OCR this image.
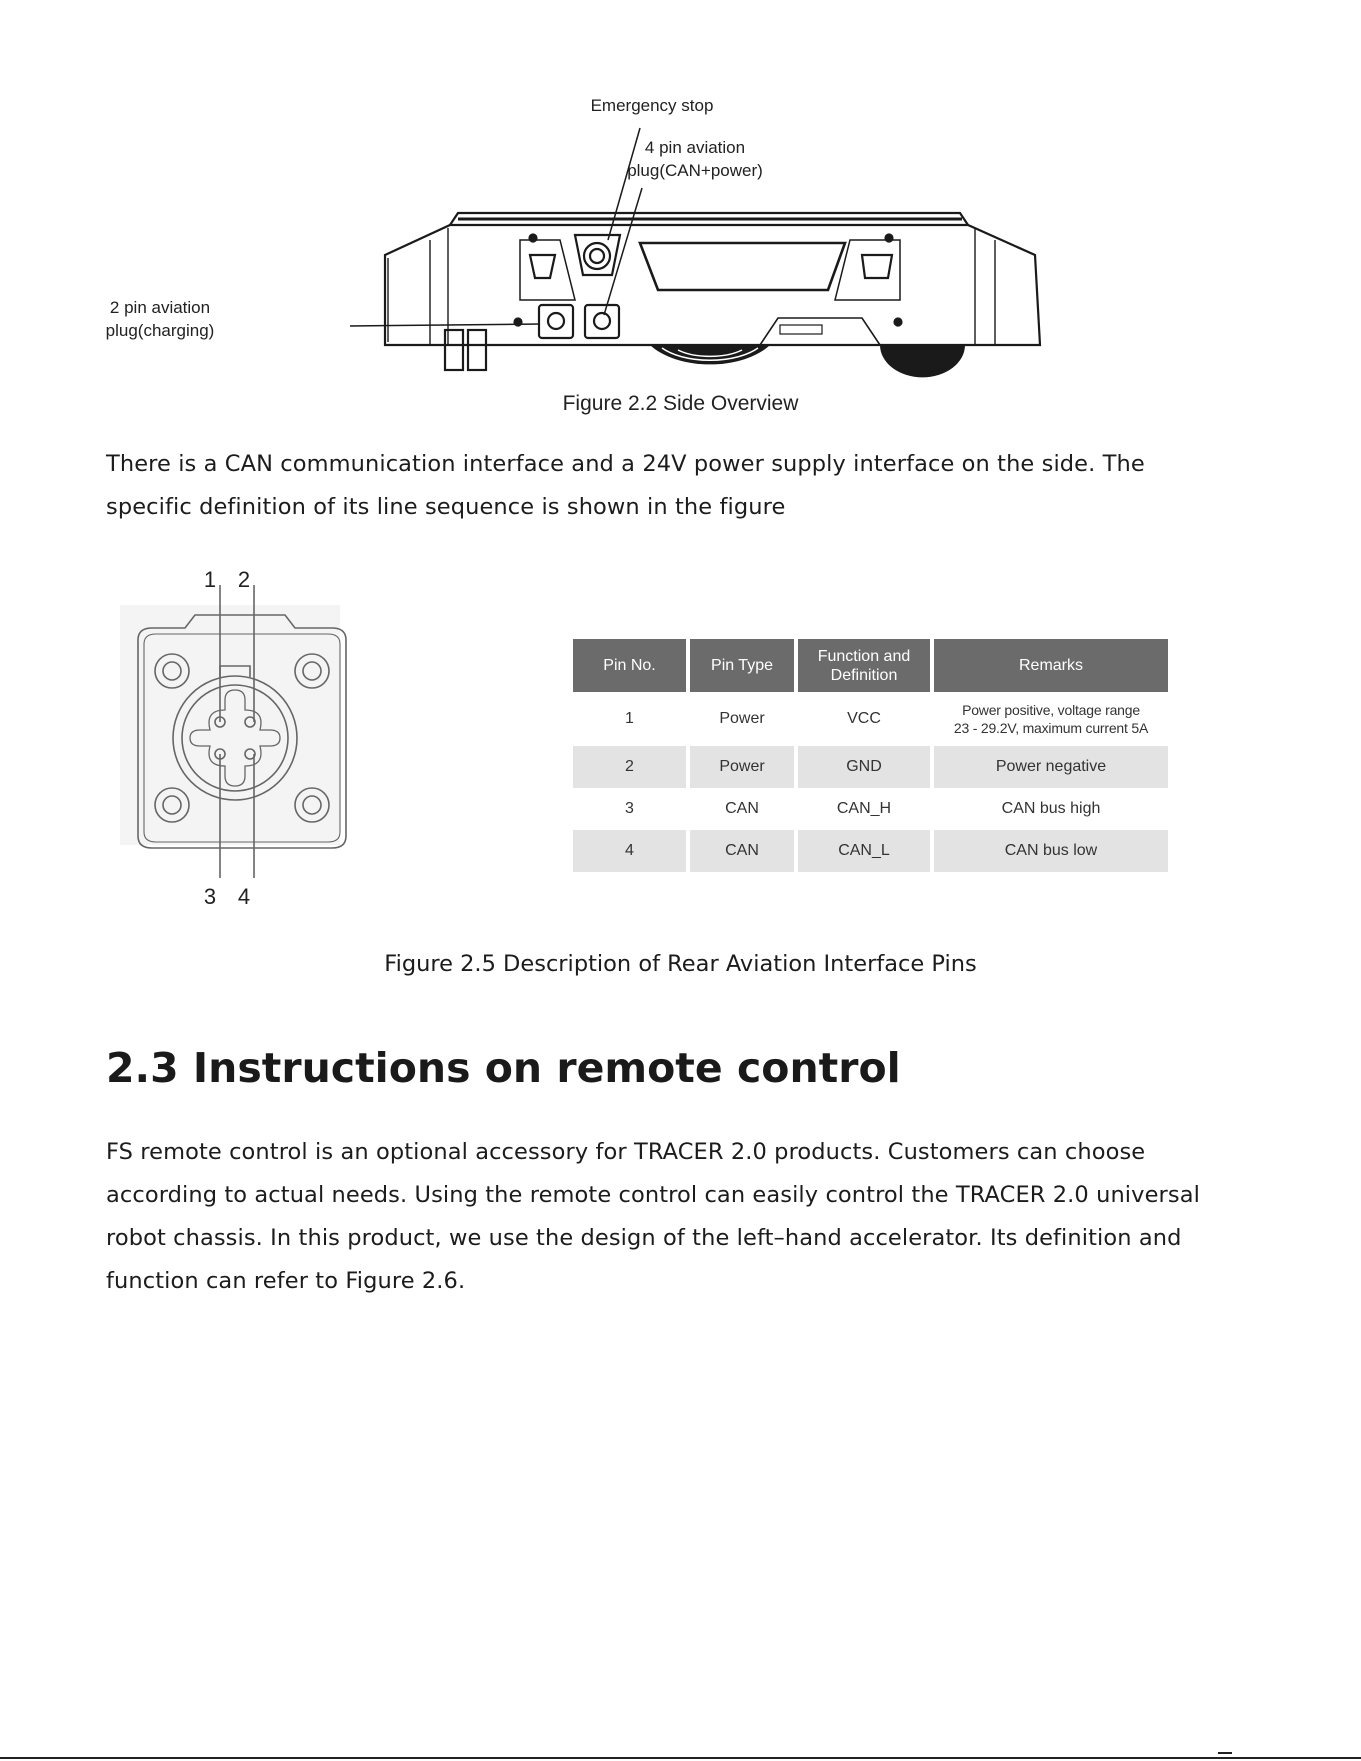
Emergency stop
4 pin aviation
plug(CAN+power)
2 pin aviation
plug(charging)
Figure 2.2 Side Overview

There is a CAN communication interface and a 24V power supply interface on the side. The

specific definition of its line sequence is shown in the figure

1 2
3 4
Pin No.	Pin Type	Function and
Definition	Remarks
1	Power	VCC	Power positive, voltage range
23 - 29.2V, maximum current 5A

2	Power	GND	Power negative
3	CAN	CAN_H	CAN bus high
4	CAN	CAN_L	CAN bus low
Figure 2.5 Description of Rear Aviation Interface Pins
2.3 Instructions on remote control

FS remote control is an optional accessory for TRACER 2.0 products. Customers can choose

according to actual needs. Using the remote control can easily control the TRACER 2.0 universal

robot chassis. In this product, we use the design of the left–hand accelerator. Its definition and

function can refer to Figure 2.6.
